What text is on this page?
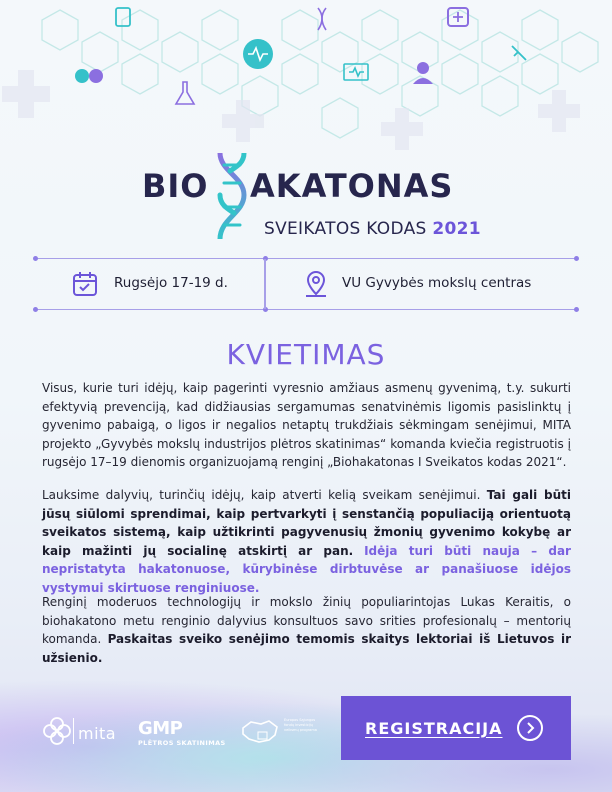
BIO AKATONAS
SVEIKATOS KODAS 2021
Rugsėjo 17-19 d.	VU Gyvybės mokslų centras
KVIETIMAS

Visus, kurie turi idėjų, kaip pagerinti vyresnio amžiaus asmenų gyvenimą, t.y. sukurti efektyvią prevenciją, kad didžiausias sergamumas senatvinėmis ligomis pasislinktų į gyvenimo pabaigą, o ligos ir negalios netaptų trukdžiais sėkmingam senėjimui, MITA projekto „Gyvybės mokslų industrijos plėtros skatinimas“ komanda kviečia registruotis į rugsėjo 17–19 dienomis organizuojamą renginį „Biohakatonas I Sveikatos kodas 2021“.

Lauksime dalyvių, turinčių idėjų, kaip atverti kelią sveikam senėjimui. Tai gali būti jūsų siūlomi sprendimai, kaip pertvarkyti į senstančią populiaciją orientuotą sveikatos sistemą, kaip užtikrinti pagyvenusių žmonių gyvenimo kokybę ar kaip mažinti jų socialinę atskirtį ar pan. Idėja turi būti nauja – dar nepristatyta hakatonuose, kūrybinėse dirbtuvėse ar panašiuose idėjos vystymui skirtuose renginiuose.

Renginį moderuos technologijų ir mokslo žinių populiarintojas Lukas Keraitis, o biohakatono metu renginio dalyvius konsultuos savo srities profesionalų – mentorių komanda. Paskaitas sveiko senėjimo temomis skaitys lektoriai iš Lietuvos ir užsienio.

mita GMP
PLĖTROS SKATINIMAS
Europos Sąjungos fondų investicijų veiksmų programa	REGISTRACIJA
